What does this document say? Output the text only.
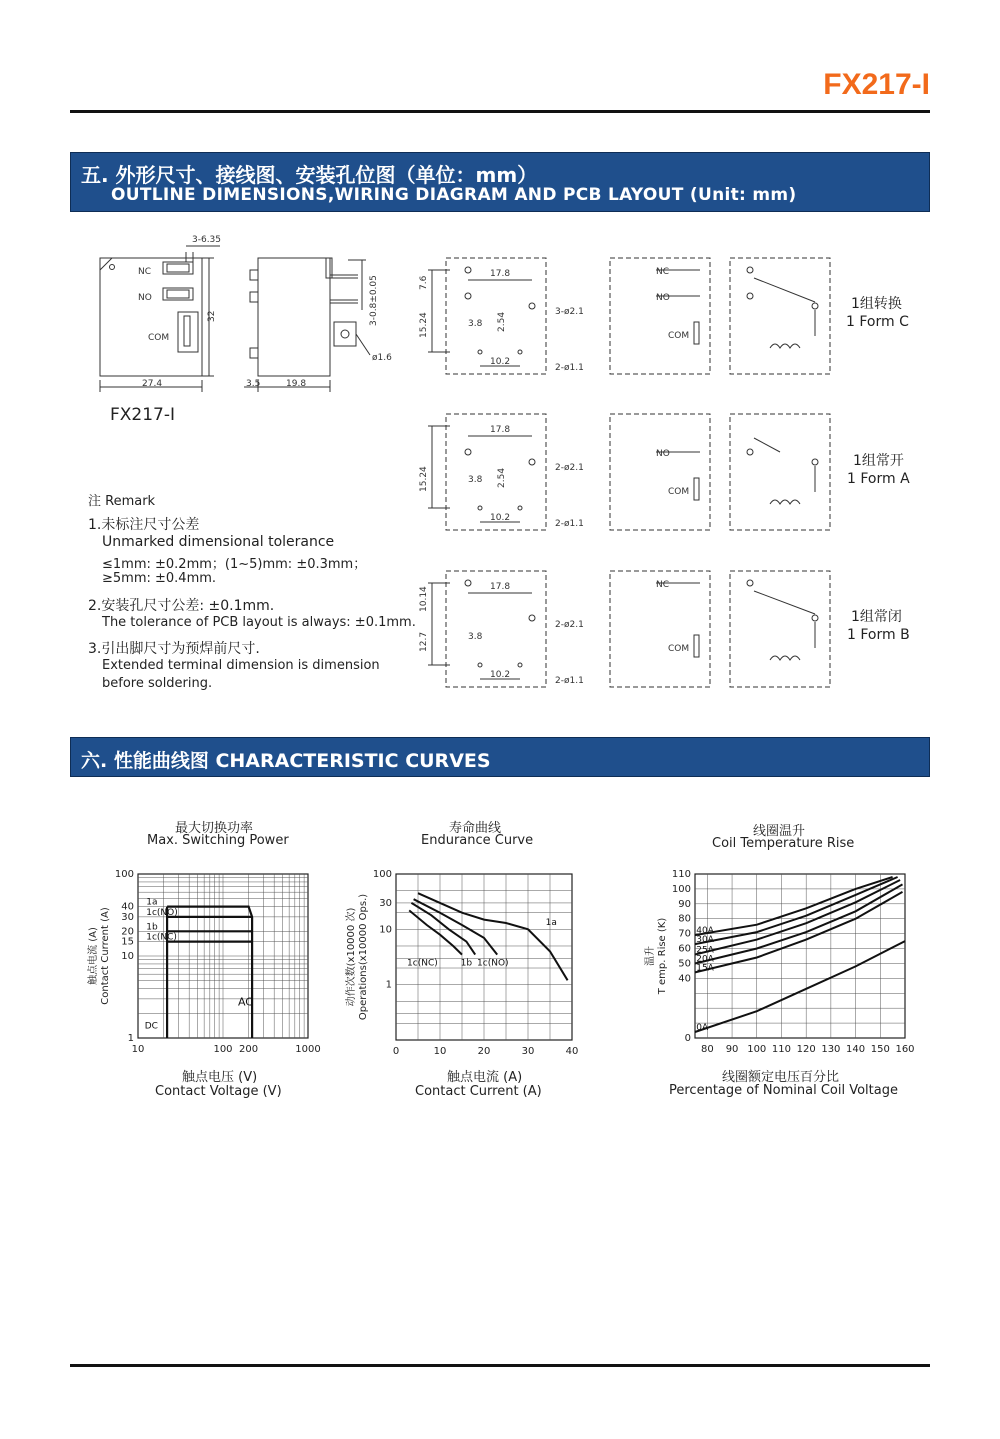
FX217-I
五. 外形尺寸、接线图、安装孔位图（单位：mm）
OUTLINE DIMENSIONS,WIRING DIAGRAM AND PCB LAYOUT (Unit: mm)
NC
NO
COM
3-6.35
27.4
32	3-0.8±0.05
ø1.6
3.5	19.8
FX217-I
17.8
7.6
15.24	3.8 2.54
10.2
3-ø2.1
2-ø1.1
NC
NO
COM
17.8
15.24	3.8 2.54
10.2
2-ø2.1
2-ø1.1
NO
COM
17.8
10.14
12.7	3.8
10.2
2-ø2.1
2-ø1.1
NC
COM
1组转换
1 Form C
1组常开
1 Form A
1组常闭
1 Form B
注 Remark
1.未标注尺寸公差
Unmarked dimensional tolerance
≤1mm: ±0.2mm；(1~5)mm: ±0.3mm；
≥5mm: ±0.4mm.
2.安装孔尺寸公差: ±0.1mm.
The tolerance of PCB layout is always: ±0.1mm.
3.引出脚尺寸为预焊前尺寸.
Extended terminal dimension is dimension
before soldering.
六. 性能曲线图 CHARACTERISTIC CURVES
最大切换功率
Max. Switching Power
触点电压 (V)
Contact Voltage (V)
寿命曲线
Endurance Curve
触点电流 (A)
Contact Current (A)
线圈温升
Coil Temperature Rise
线圈额定电压百分比
Percentage of Nominal Coil Voltage
10	100 200	1000
100
40
30
20
15
10
1
1a
1c(NO)
1b
1c(NC)
DC
触点电流 (A) Contact Current (A)	AC
0	10	20	30	40
100
30
10
1
1a
1c(NO)
1b
1c(NC)
动作次数(x10000 次) Operations(x10000 Ops.)
80 90 100 110 120 130 140 150 160
110
100
90
80
70
60
50
40
0
40A
30A
25A
20A
15A
0A
温升 T emp. Rise (K)
